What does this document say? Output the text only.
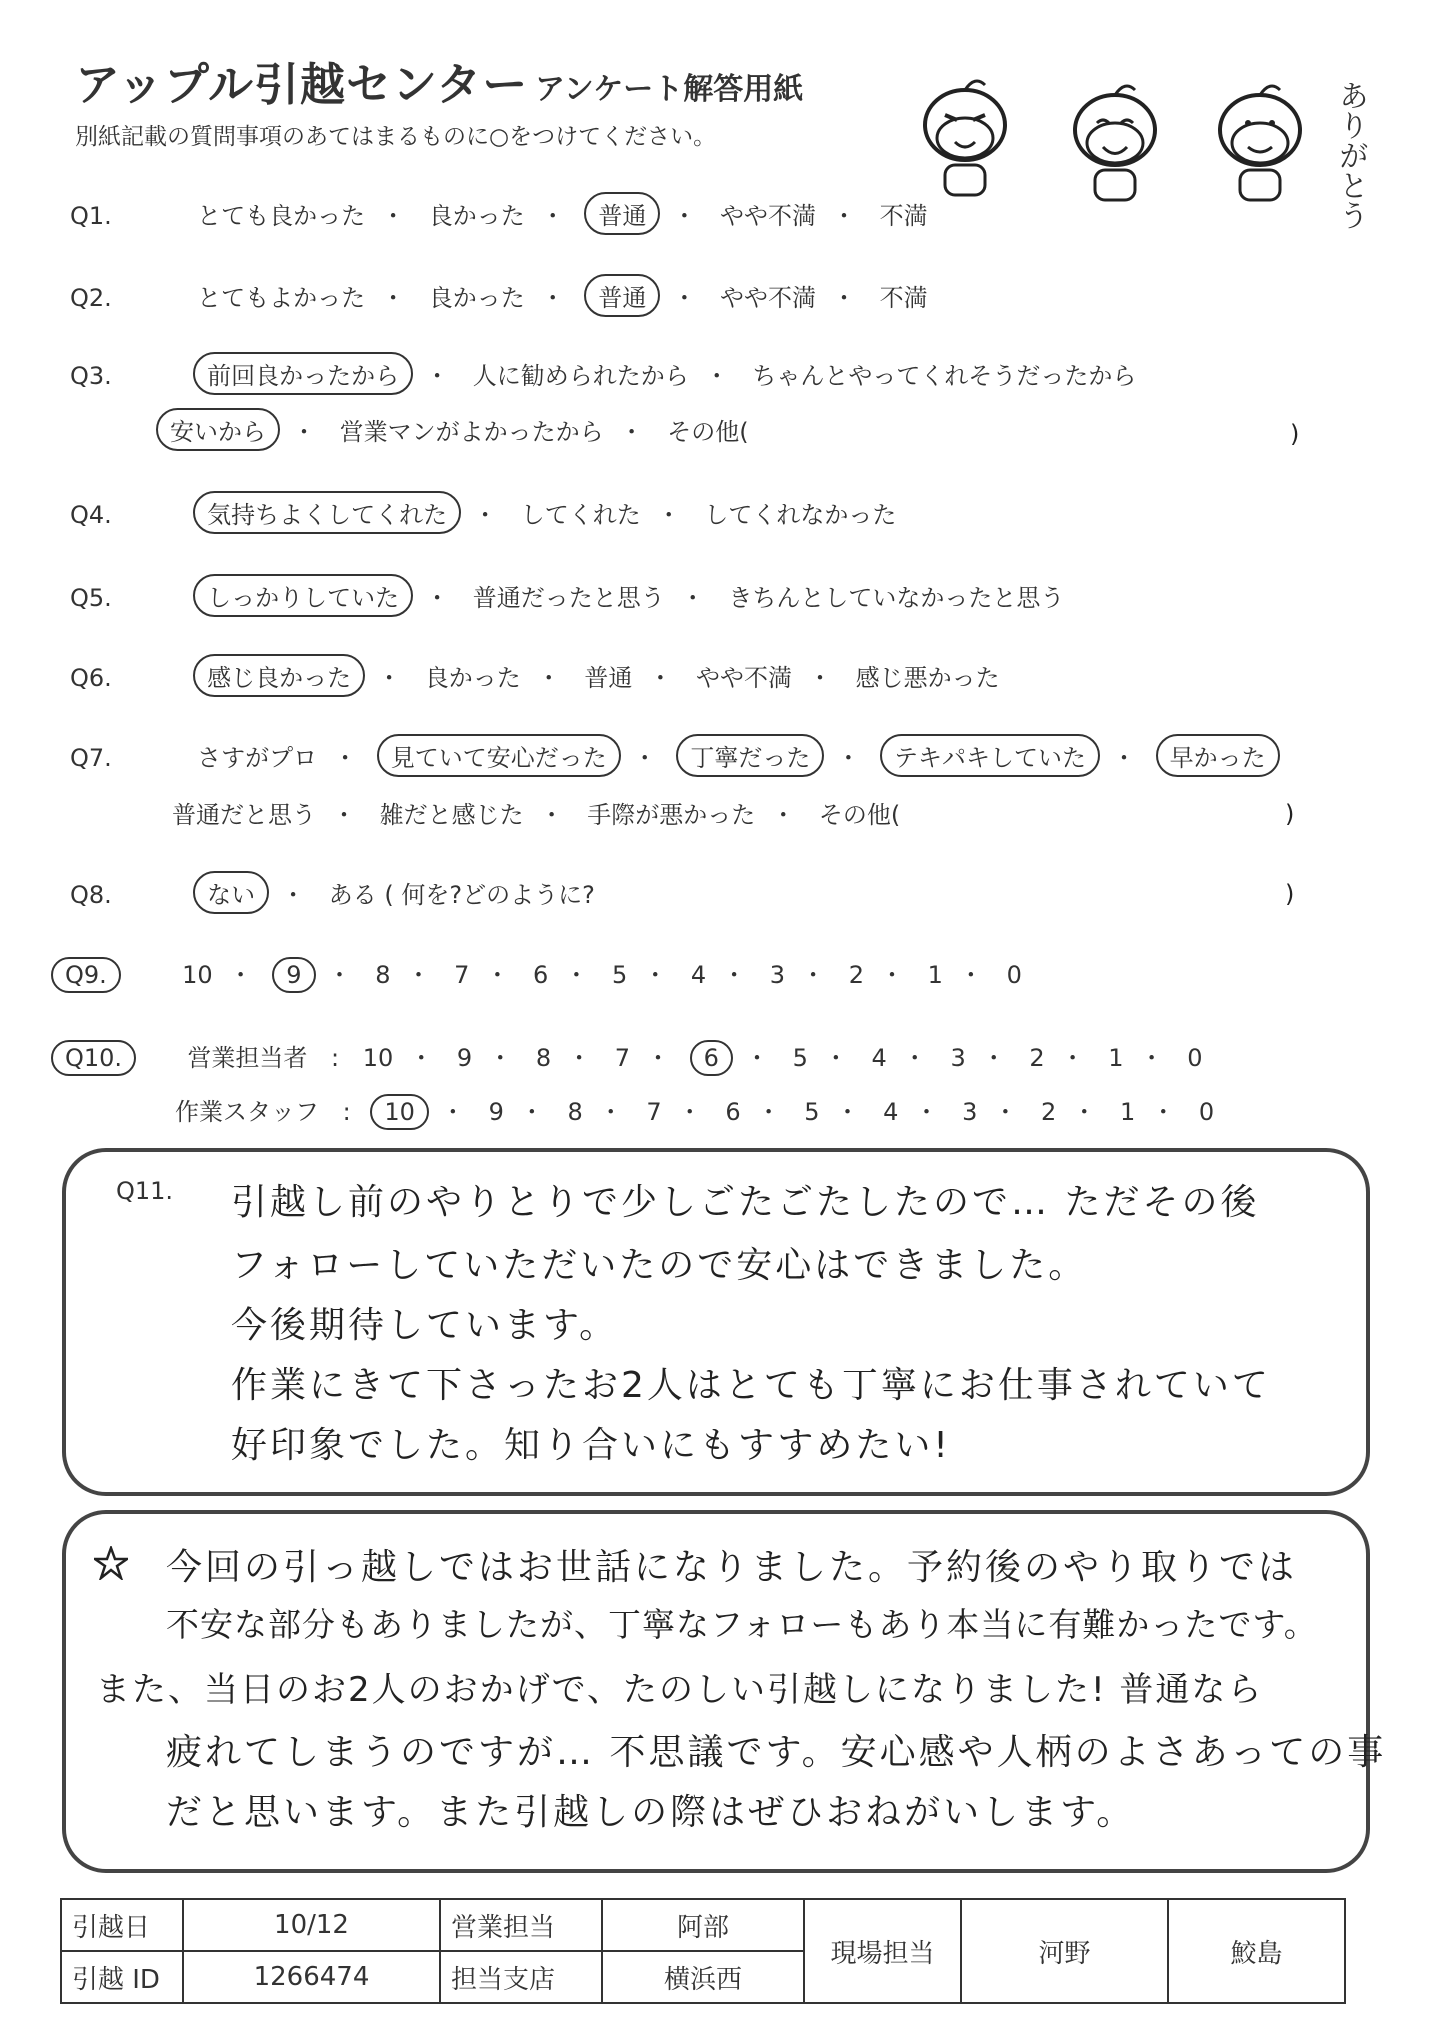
アップル引越センター アンケート解答用紙
別紙記載の質問事項のあてはまるものに○をつけてください。	ありがとう
Q1.	とても良かった ・ 良かった ・ 普通 ・ やや不満 ・ 不満
Q2.	とてもよかった ・ 良かった ・ 普通 ・ やや不満 ・ 不満
Q3.	前回良かったから ・ 人に勧められたから ・ ちゃんとやってくれそうだったから
安いから ・ 営業マンがよかったから ・ その他(	)
Q4.	気持ちよくしてくれた ・ してくれた ・ してくれなかった
Q5.	しっかりしていた ・ 普通だったと思う ・ きちんとしていなかったと思う
Q6.	感じ良かった ・ 良かった ・ 普通 ・ やや不満 ・ 感じ悪かった
Q7.	さすがプロ ・ 見ていて安心だった ・ 丁寧だった ・ テキパキしていた ・ 早かった
普通だと思う ・ 雑だと感じた ・ 手際が悪かった ・ その他(	)
Q8.	ない ・ ある ( 何を?どのように?	)
Q9.	10 ・ 9 ・ 8 ・ 7 ・ 6 ・ 5 ・ 4 ・ 3 ・ 2 ・ 1 ・ 0
Q10.	営業担当者 : 10 ・ 9 ・ 8 ・ 7 ・ 6 ・ 5 ・ 4 ・ 3 ・ 2 ・ 1 ・ 0
作業スタッフ : 10 ・ 9 ・ 8 ・ 7 ・ 6 ・ 5 ・ 4 ・ 3 ・ 2 ・ 1 ・ 0
Q11. 引越し前のやりとりで少しごたごたしたので… ただその後
フォローしていただいたので安心はできました。
今後期待しています。
作業にきて下さったお2人はとても丁寧にお仕事されていて
好印象でした。知り合いにもすすめたい!
今回の引っ越しではお世話になりました。予約後のやり取りでは
不安な部分もありましたが、丁寧なフォローもあり本当に有難かったです。
また、当日のお2人のおかげで、たのしい引越しになりました! 普通なら
疲れてしまうのですが… 不思議です。安心感や人柄のよさあっての事
だと思います。また引越しの際はぜひおねがいします。
引越日	10/12	営業担当	阿部	現場担当	河野	鮫島
引越 ID	1266474	担当支店	横浜西			
